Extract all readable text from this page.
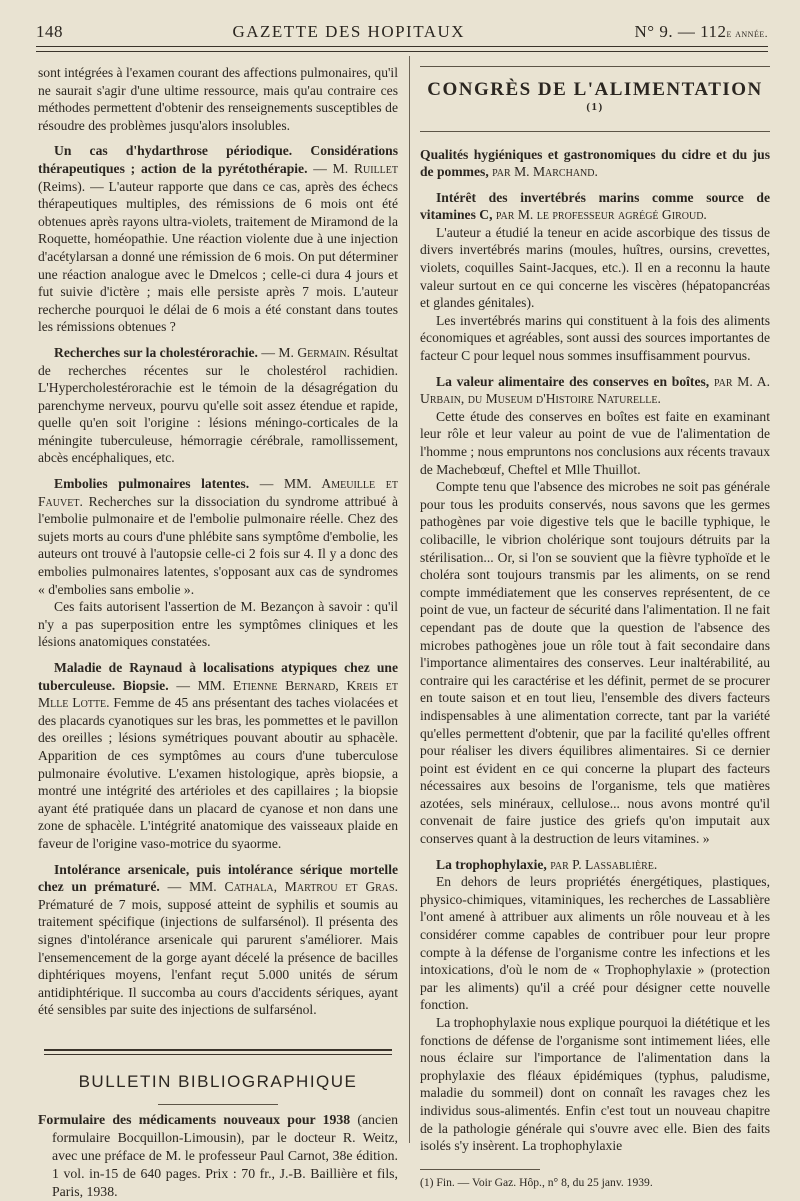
148	GAZETTE DES HOPITAUX	N° 9. — 112e année.

sont intégrées à l'examen courant des affections pulmonaires, qu'il ne saurait s'agir d'une ultime ressource, mais qu'au contraire ces méthodes permettent d'obtenir des renseignements susceptibles de résoudre des problèmes jusqu'alors insolubles.

Un cas d'hydarthrose périodique. Considérations thérapeutiques ; action de la pyrétothérapie. — M. Ruillet (Reims). — L'auteur rapporte que dans ce cas, après des échecs thérapeutiques multiples, des rémissions de 6 mois ont été obtenues après rayons ultra-violets, traitement de Miramond de la Roquette, homéopathie. Une réaction violente due à une injection d'acétylarsan a donné une rémission de 6 mois. On put déterminer une réaction analogue avec le Dmelcos ; celle-ci dura 4 jours et fut suivie d'ictère ; mais elle persiste après 7 mois. L'auteur recherche pourquoi le délai de 6 mois a été constant dans toutes les rémissions obtenues ?

Recherches sur la cholestérorachie. — M. Germain. Résultat de recherches récentes sur le cholestérol rachidien. L'Hypercholestérorachie est le témoin de la désagrégation du parenchyme nerveux, pourvu qu'elle soit assez étendue et rapide, quelle qu'en soit l'origine : lésions méningo-corticales de la méningite tuberculeuse, hémorragie cérébrale, ramollissement, abcès encéphaliques, etc.

Embolies pulmonaires latentes. — MM. Ameuille et Fauvet. Recherches sur la dissociation du syndrome attribué à l'embolie pulmonaire et de l'embolie pulmonaire réelle. Chez des sujets morts au cours d'une phlébite sans symptôme d'embolie, les auteurs ont trouvé à l'autopsie celle-ci 2 fois sur 4. Il y a donc des embolies pulmonaires latentes, s'opposant aux cas de syndromes « d'embolies sans embolie ».

Ces faits autorisent l'assertion de M. Bezançon à savoir : qu'il n'y a pas superposition entre les symptômes cliniques et les lésions anatomiques constatées.

Maladie de Raynaud à localisations atypiques chez une tuberculeuse. Biopsie. — MM. Etienne Bernard, Kreis et Mlle Lotte. Femme de 45 ans présentant des taches violacées et des placards cyanotiques sur les bras, les pommettes et le pavillon des oreilles ; lésions symétriques pouvant aboutir au sphacèle. Apparition de ces symptômes au cours d'une tuberculose pulmonaire évolutive. L'examen histologique, après biopsie, a montré une intégrité des artérioles et des capillaires ; la biopsie ayant été pratiquée dans un placard de cyanose et non dans une zone de sphacèle. L'intégrité anatomique des vaisseaux plaide en faveur de l'origine vaso-motrice du syaorme.

Intolérance arsenicale, puis intolérance sérique mortelle chez un prématuré. — MM. Cathala, Martrou et Gras. Prématuré de 7 mois, supposé atteint de syphilis et soumis au traitement spécifique (injections de sulfarsénol). Il présenta des signes d'intolérance arsenicale qui parurent s'améliorer. Mais l'ensemencement de la gorge ayant décelé la présence de bacilles diphtériques moyens, l'enfant reçut 5.000 unités de sérum antidiphtérique. Il succomba au cours d'accidents sériques, ayant été sensibles par suite des injections de sulfarsénol.

BULLETIN BIBLIOGRAPHIQUE

Formulaire des médicaments nouveaux pour 1938 (ancien formulaire Bocquillon-Limousin), par le docteur R. Weitz, avec une préface de M. le professeur Paul Carnot, 38e édition. 1 vol. in-15 de 640 pages. Prix : 70 fr., J.-B. Baillière et fils, Paris, 1938.

CONGRÈS DE L'ALIMENTATION $^{(1)}$

Qualités hygiéniques et gastronomiques du cidre et du jus de pommes, par M. Marchand.

Intérêt des invertébrés marins comme source de vitamines C, par M. le professeur agrégé Giroud.

L'auteur a étudié la teneur en acide ascorbique des tissus de divers invertébrés marins (moules, huîtres, oursins, crevettes, violets, coquilles Saint-Jacques, etc.). Il en a reconnu la haute valeur surtout en ce qui concerne les viscères (hépatopancréas et glandes génitales).

Les invertébrés marins qui constituent à la fois des aliments économiques et agréables, sont aussi des sources importantes de facteur C pour lequel nous sommes insuffisamment pourvus.

La valeur alimentaire des conserves en boîtes, par M. A. Urbain, du Museum d'Histoire Naturelle.

Cette étude des conserves en boîtes est faite en examinant leur rôle et leur valeur au point de vue de l'alimentation de l'homme ; nous empruntons nos conclusions aux récents travaux de Machebœuf, Cheftel et Mlle Thuillot.

Compte tenu que l'absence des microbes ne soit pas générale pour tous les produits conservés, nous savons que les germes pathogènes par voie digestive tels que le bacille typhique, le colibacille, le vibrion cholérique sont toujours détruits par la stérilisation... Or, si l'on se souvient que la fièvre typhoïde et le choléra sont toujours transmis par les aliments, on se rend compte immédiatement que les conserves représentent, de ce point de vue, un facteur de sécurité dans l'alimentation. Il ne fait cependant pas de doute que la question de l'absence des microbes pathogènes joue un rôle tout à fait secondaire dans l'importance alimentaires des conserves. Leur inaltérabilité, au contraire qui les caractérise et les définit, permet de se procurer en toute saison et en tout lieu, l'ensemble des divers facteurs indispensables à une alimentation correcte, tant par la variété qu'elles permettent d'obtenir, que par la facilité qu'elles offrent pour réaliser les divers équilibres alimentaires. Si ce dernier point est évident en ce qui concerne la plupart des facteurs nécessaires aux besoins de l'organisme, tels que matières azotées, sels minéraux, cellulose... nous avons montré qu'il convenait de faire justice des griefs qu'on imputait aux conserves quant à la destruction de leurs vitamines. »

La trophophylaxie, par P. Lassablière.

En dehors de leurs propriétés énergétiques, plastiques, physico-chimiques, vitaminiques, les recherches de Lassablière l'ont amené à attribuer aux aliments un rôle nouveau et à les considérer comme capables de contribuer pour leur propre compte à la défense de l'organisme contre les infections et les intoxications, d'où le nom de « Trophophylaxie » (protection par les aliments) qu'il a créé pour désigner cette nouvelle fonction.

La trophophylaxie nous explique pourquoi la diététique et les fonctions de défense de l'organisme sont intimement liées, elle nous éclaire sur l'importance de l'alimentation dans la prophylaxie des fléaux épidémiques (typhus, paludisme, maladie du sommeil) dont on connaît les ravages chez les individus sous-alimentés. Enfin c'est tout un nouveau chapitre de la pathologie générale qui s'ouvre avec elle. Bien des faits isolés s'y insèrent. La trophophylaxie

(1) Fin. — Voir Gaz. Hôp., n° 8, du 25 janv. 1939.
